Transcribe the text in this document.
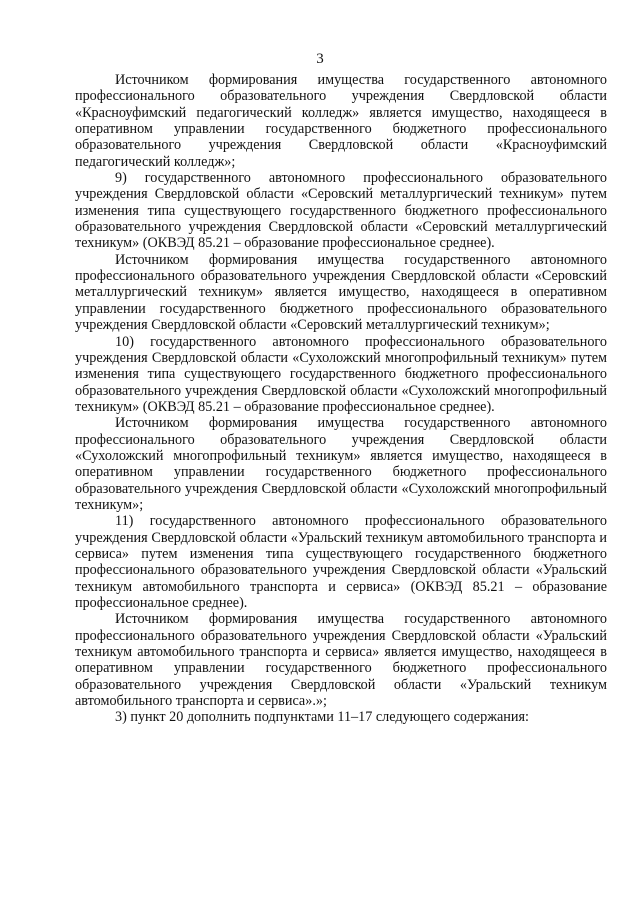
3

Источником формирования имущества государственного автономного профессионального образовательного учреждения Свердловской области «Красноуфимский педагогический колледж» является имущество, находящееся в оперативном управлении государственного бюджетного профессионального образовательного учреждения Свердловской области «Красноуфимский педагогический колледж»;

9) государственного автономного профессионального образовательного учреждения Свердловской области «Серовский металлургический техникум» путем изменения типа существующего государственного бюджетного профессионального образовательного учреждения Свердловской области «Серовский металлургический техникум» (ОКВЭД 85.21 – образование профессиональное среднее).

Источником формирования имущества государственного автономного профессионального образовательного учреждения Свердловской области «Серовский металлургический техникум» является имущество, находящееся в оперативном управлении государственного бюджетного профессионального образовательного учреждения Свердловской области «Серовский металлургический техникум»;

10) государственного автономного профессионального образовательного учреждения Свердловской области «Сухоложский многопрофильный техникум» путем изменения типа существующего государственного бюджетного профессионального образовательного учреждения Свердловской области «Сухоложский многопрофильный техникум» (ОКВЭД 85.21 – образование профессиональное среднее).

Источником формирования имущества государственного автономного профессионального образовательного учреждения Свердловской области «Сухоложский многопрофильный техникум» является имущество, находящееся в оперативном управлении государственного бюджетного профессионального образовательного учреждения Свердловской области «Сухоложский многопрофильный техникум»;

11) государственного автономного профессионального образовательного учреждения Свердловской области «Уральский техникум автомобильного транспорта и сервиса» путем изменения типа существующего государственного бюджетного профессионального образовательного учреждения Свердловской области «Уральский техникум автомобильного транспорта и сервиса» (ОКВЭД 85.21 – образование профессиональное среднее).

Источником формирования имущества государственного автономного профессионального образовательного учреждения Свердловской области «Уральский техникум автомобильного транспорта и сервиса» является имущество, находящееся в оперативном управлении государственного бюджетного профессионального образовательного учреждения Свердловской области «Уральский техникум автомобильного транспорта и сервиса».»;

3) пункт 20 дополнить подпунктами 11–17 следующего содержания:
